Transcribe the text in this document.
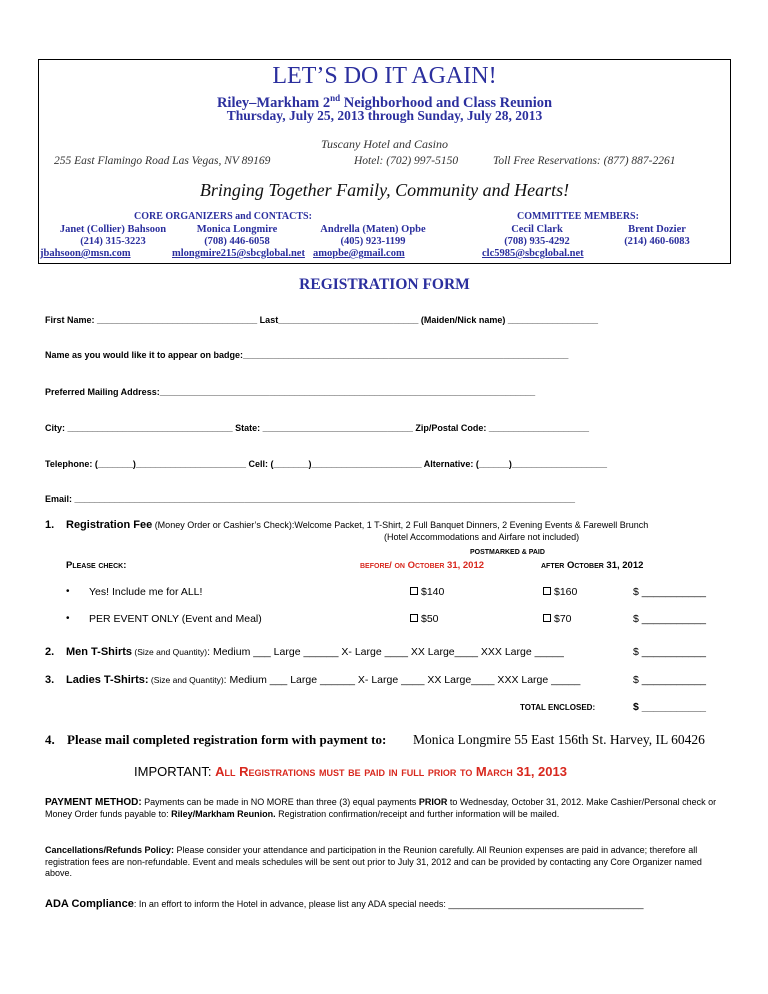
LET’S DO IT AGAIN!
Riley–Markham 2nd Neighborhood and Class Reunion
Thursday, July 25, 2013 through Sunday, July 28, 2013
Tuscany Hotel and Casino
255 East Flamingo Road Las Vegas, NV 89169	Hotel: (702) 997-5150	Toll Free Reservations: (877) 887-2261
Bringing Together Family, Community and Hearts!
CORE ORGANIZERS and CONTACTS:	COMMITTEE MEMBERS:
Janet (Collier) Bahsoon
(214) 315-3223
jbahsoon@msn.com
Monica Longmire
(708) 446-6058
mlongmire215@sbcglobal.net
Andrella (Maten) Opbe
(405) 923-1199
amopbe@gmail.com
Cecil Clark
(708) 935-4292
clc5985@sbcglobal.net
Brent Dozier
(214) 460-6083
REGISTRATION FORM
First Name: ________________________________ Last____________________________ (Maiden/Nick name) __________________
Name as you would like it to appear on badge:_________________________________________________________________
Preferred Mailing Address:___________________________________________________________________________
City: _________________________________ State: ______________________________ Zip/Postal Code: ____________________
Telephone: (_______)______________________ Cell: (_______)______________________ Alternative: (______)___________________
Email: ____________________________________________________________________________________________________
1. Registration Fee (Money Order or Cashier’s Check):Welcome Packet, 1 T-Shirt, 2 Full Banquet Dinners, 2 Evening Events & Farewell Brunch
(Hotel Accommodations and Airfare not included)
POSTMARKED & PAID
Please check:	before/ on October 31, 2012	after October 31, 2012
• Yes! Include me for ALL!	$140	$160	$ ___________
• PER EVENT ONLY (Event and Meal)	$50	$70	$ ___________
2. Men T-Shirts (Size and Quantity): Medium ___ Large ______ X- Large ____ XX Large____ XXX Large _____	$ ___________
3. Ladies T-Shirts: (Size and Quantity): Medium ___ Large ______ X- Large ____ XX Large____ XXX Large _____	$ ___________
TOTAL ENCLOSED:	$ ___________
4. Please mail completed registration form with payment to: Monica Longmire 55 East 156th St. Harvey, IL 60426
IMPORTANT: All Registrations must be paid in full prior to March 31, 2013
PAYMENT METHOD: Payments can be made in NO MORE than three (3) equal payments PRIOR to Wednesday, October 31, 2012. Make Cashier/Personal check or Money Order funds payable to: Riley/Markham Reunion. Registration confirmation/receipt and further information will be mailed.
Cancellations/Refunds Policy: Please consider your attendance and participation in the Reunion carefully. All Reunion expenses are paid in advance; therefore all registration fees are non-refundable. Event and meals schedules will be sent out prior to July 31, 2012 and can be provided by contacting any Core Organizer named above.
ADA Compliance: In an effort to inform the Hotel in advance, please list any ADA special needs: _______________________________________
